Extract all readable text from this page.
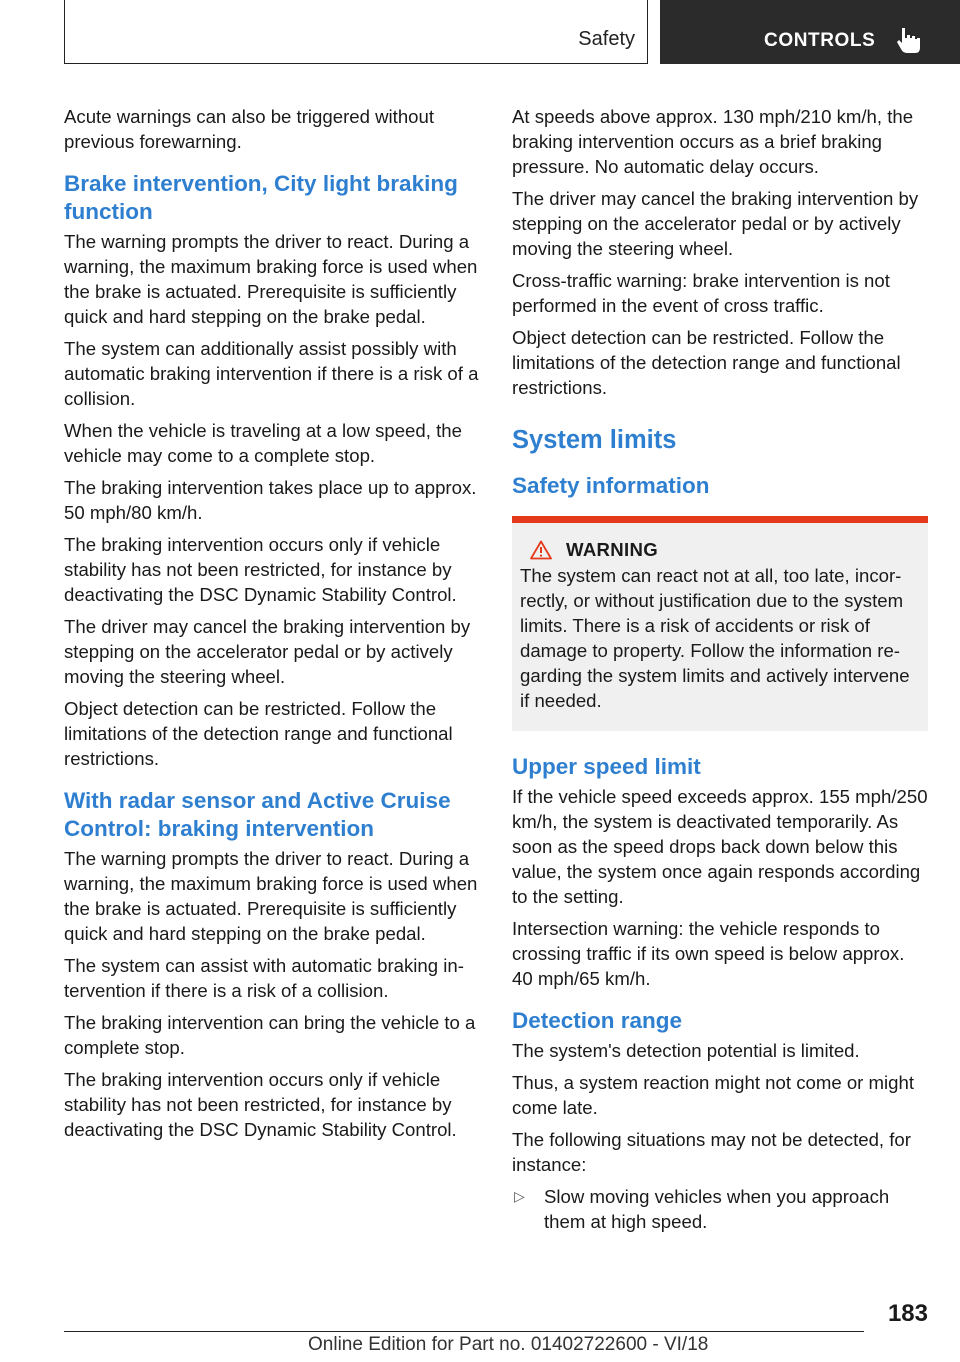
Safety	CONTROLS

Acute warnings can also be triggered without previous forewarning.

Brake intervention, City light braking function

The warning prompts the driver to react. During a warning, the maximum braking force is used when the brake is actuated. Prerequisite is sufficiently quick and hard stepping on the brake pedal.

The system can additionally assist possibly with automatic braking intervention if there is a risk of a collision.

When the vehicle is traveling at a low speed, the vehicle may come to a complete stop.

The braking intervention takes place up to approx. 50 mph/80 km/h.

The braking intervention occurs only if vehicle stability has not been restricted, for instance by deactivating the DSC Dynamic Stability Control.

The driver may cancel the braking intervention by stepping on the accelerator pedal or by actively moving the steering wheel.

Object detection can be restricted. Follow the limitations of the detection range and functional restrictions.

With radar sensor and Active Cruise Control: braking intervention

The warning prompts the driver to react. During a warning, the maximum braking force is used when the brake is actuated. Prerequisite is sufficiently quick and hard stepping on the brake pedal.

The system can assist with automatic braking intervention if there is a risk of a collision.

The braking intervention can bring the vehicle to a complete stop.

The braking intervention occurs only if vehicle stability has not been restricted, for instance by deactivating the DSC Dynamic Stability Control.

At speeds above approx. 130 mph/210 km/h, the braking intervention occurs as a brief braking pressure. No automatic delay occurs.

The driver may cancel the braking intervention by stepping on the accelerator pedal or by actively moving the steering wheel.

Cross-traffic warning: brake intervention is not performed in the event of cross traffic.

Object detection can be restricted. Follow the limitations of the detection range and functional restrictions.

System limits
Safety information
WARNING

The system can react not at all, too late, incorrectly, or without justification due to the system limits. There is a risk of accidents or risk of damage to property. Follow the information regarding the system limits and actively intervene if needed.

Upper speed limit

If the vehicle speed exceeds approx. 155 mph/250 km/h, the system is deactivated temporarily. As soon as the speed drops back down below this value, the system once again responds according to the setting.

Intersection warning: the vehicle responds to crossing traffic if its own speed is below approx. 40 mph/65 km/h.

Detection range

The system's detection potential is limited.

Thus, a system reaction might not come or might come late.

The following situations may not be detected, for instance:

▷	Slow moving vehicles when you approach them at high speed.
183
Online Edition for Part no. 01402722600 - VI/18
